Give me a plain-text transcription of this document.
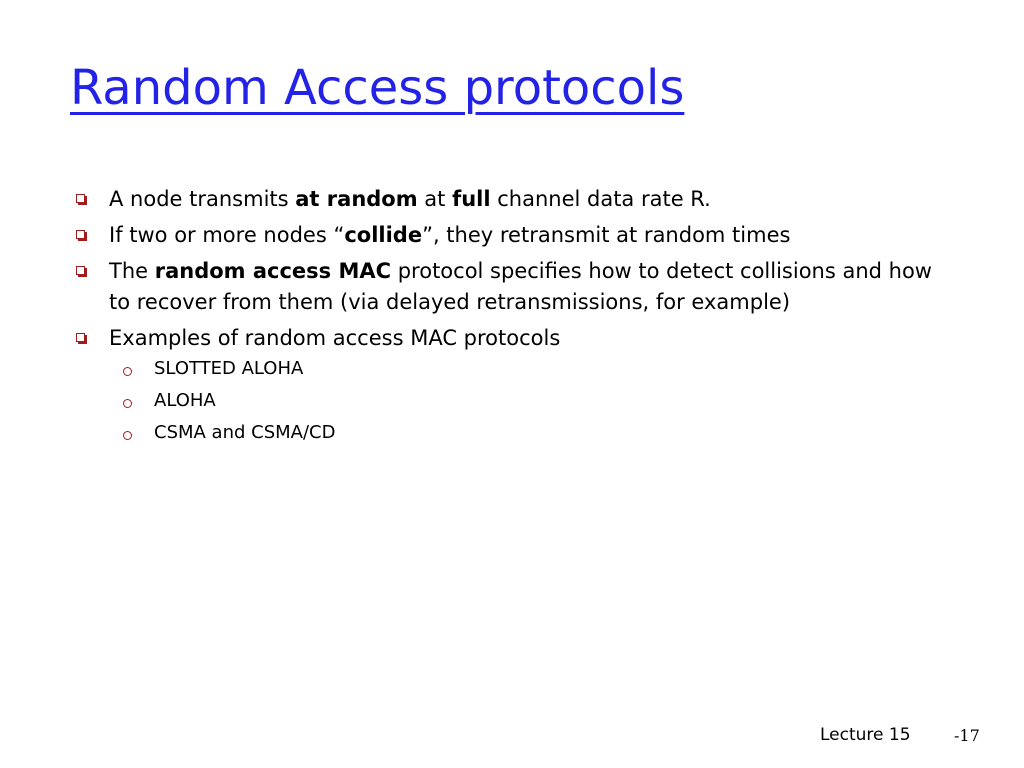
Random Access protocols
A node transmits at random at full channel data rate R.
If two or more nodes “collide”, they retransmit at random times
The random access MAC protocol specifies how to detect collisions and how to recover from them (via delayed retransmissions, for example)
Examples of random access MAC protocols
SLOTTED ALOHA
ALOHA
CSMA and CSMA/CD
Lecture 15	-17
